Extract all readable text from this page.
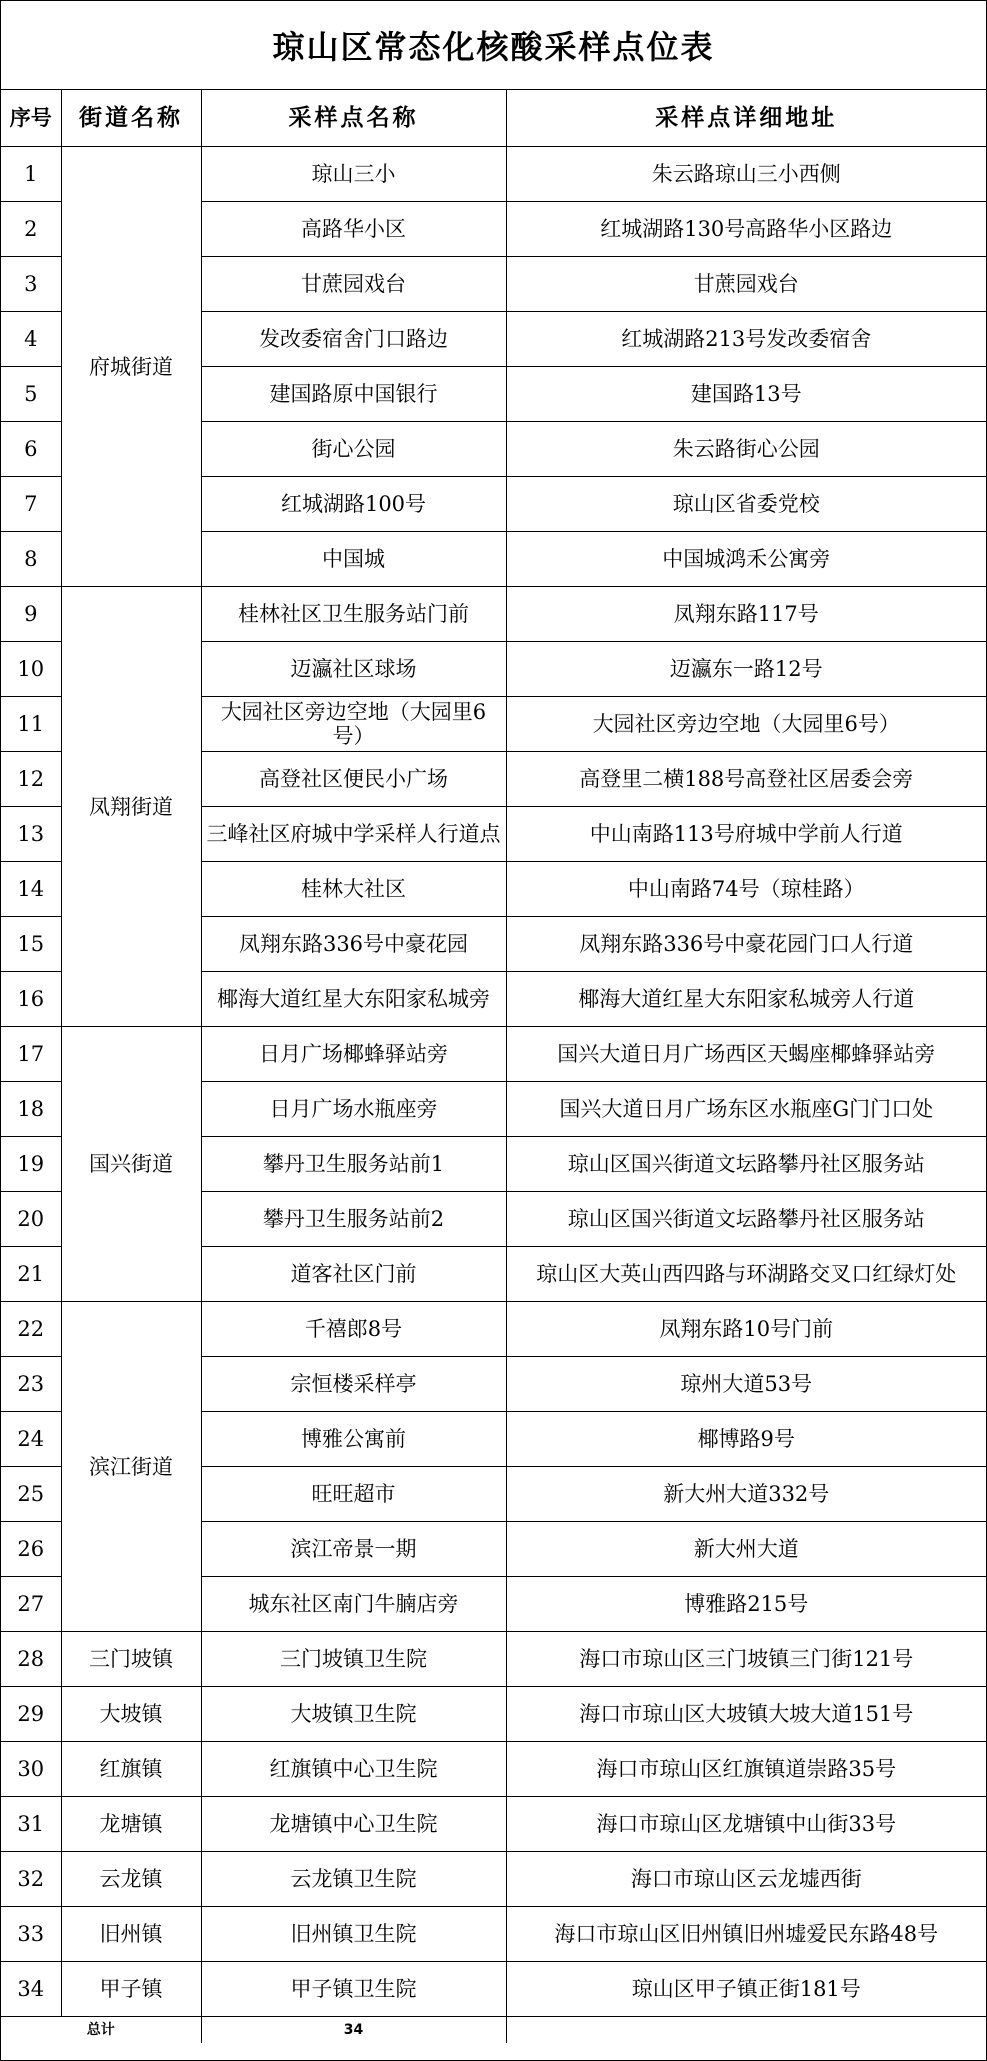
琼山区常态化核酸采样点位表
序号	街道名称	采样点名称	采样点详细地址
1	府城街道	琼山三小	朱云路琼山三小西侧
2		高路华小区	红城湖路130号高路华小区路边
3		甘蔗园戏台	甘蔗园戏台
4		发改委宿舍门口路边	红城湖路213号发改委宿舍
5		建国路原中国银行	建国路13号
6		街心公园	朱云路街心公园
7		红城湖路100号	琼山区省委党校
8		中国城	中国城鸿禾公寓旁
9	凤翔街道	桂林社区卫生服务站门前	凤翔东路117号
10		迈瀛社区球场	迈瀛东一路12号
11		大园社区旁边空地（大园里6号）	大园社区旁边空地（大园里6号）
12		高登社区便民小广场	高登里二横188号高登社区居委会旁
13		三峰社区府城中学采样人行道点	中山南路113号府城中学前人行道
14		桂林大社区	中山南路74号（琼桂路）
15		凤翔东路336号中豪花园	凤翔东路336号中豪花园门口人行道
16		椰海大道红星大东阳家私城旁	椰海大道红星大东阳家私城旁人行道
17	国兴街道	日月广场椰蜂驿站旁	国兴大道日月广场西区天蝎座椰蜂驿站旁
18		日月广场水瓶座旁	国兴大道日月广场东区水瓶座G门门口处
19		攀丹卫生服务站前1	琼山区国兴街道文坛路攀丹社区服务站
20		攀丹卫生服务站前2	琼山区国兴街道文坛路攀丹社区服务站
21		道客社区门前	琼山区大英山西四路与环湖路交叉口红绿灯处
22	滨江街道	千禧郎8号	凤翔东路10号门前
23		宗恒楼采样亭	琼州大道53号
24		博雅公寓前	椰博路9号
25		旺旺超市	新大州大道332号
26		滨江帝景一期	新大州大道
27		城东社区南门牛腩店旁	博雅路215号
28	三门坡镇	三门坡镇卫生院	海口市琼山区三门坡镇三门街121号
29	大坡镇	大坡镇卫生院	海口市琼山区大坡镇大坡大道151号
30	红旗镇	红旗镇中心卫生院	海口市琼山区红旗镇道崇路35号
31	龙塘镇	龙塘镇中心卫生院	海口市琼山区龙塘镇中山街33号
32	云龙镇	云龙镇卫生院	海口市琼山区云龙墟西街
33	旧州镇	旧州镇卫生院	海口市琼山区旧州镇旧州墟爱民东路48号
34	甲子镇	甲子镇卫生院	琼山区甲子镇正街181号
总计		34	
